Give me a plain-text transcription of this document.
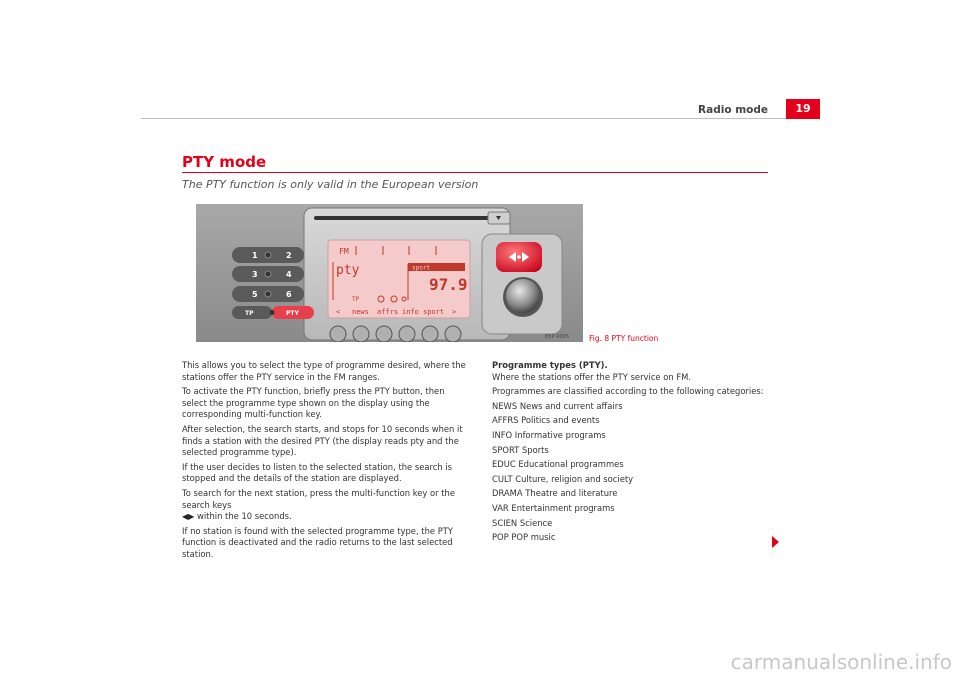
Radio mode	19
PTY mode
The PTY function is only valid in the European version
1	2
3	4
5	6
TP	PTY
FM
pty	sport
97.9
TP
< news affrs info sport >
B5P-0095	Fig. 8 PTY function

This allows you to select the type of programme desired, where the stations offer the PTY service in the FM ranges.

To activate the PTY function, briefly press the PTY button, then select the programme type shown on the display using the corresponding multi-function key.

After selection, the search starts, and stops for 10 seconds when it finds a station with the desired PTY (the display reads pty and the selected programme type).

If the user decides to listen to the selected station, the search is stopped and the details of the station are displayed.

To search for the next station, press the multi-function key or the search keys
◀▶ within the 10 seconds.

If no station is found with the selected programme type, the PTY function is deactivated and the radio returns to the last selected station.

Programme types (PTY).

Where the stations offer the PTY service on FM.

Programmes are classified according to the following categories:

NEWS News and current affairs

AFFRS Politics and events

INFO Informative programs

SPORT Sports

EDUC Educational programmes

CULT Culture, religion and society

DRAMA Theatre and literature

VAR Entertainment programs

SCIEN Science

POP POP music

carmanualsonline.info
